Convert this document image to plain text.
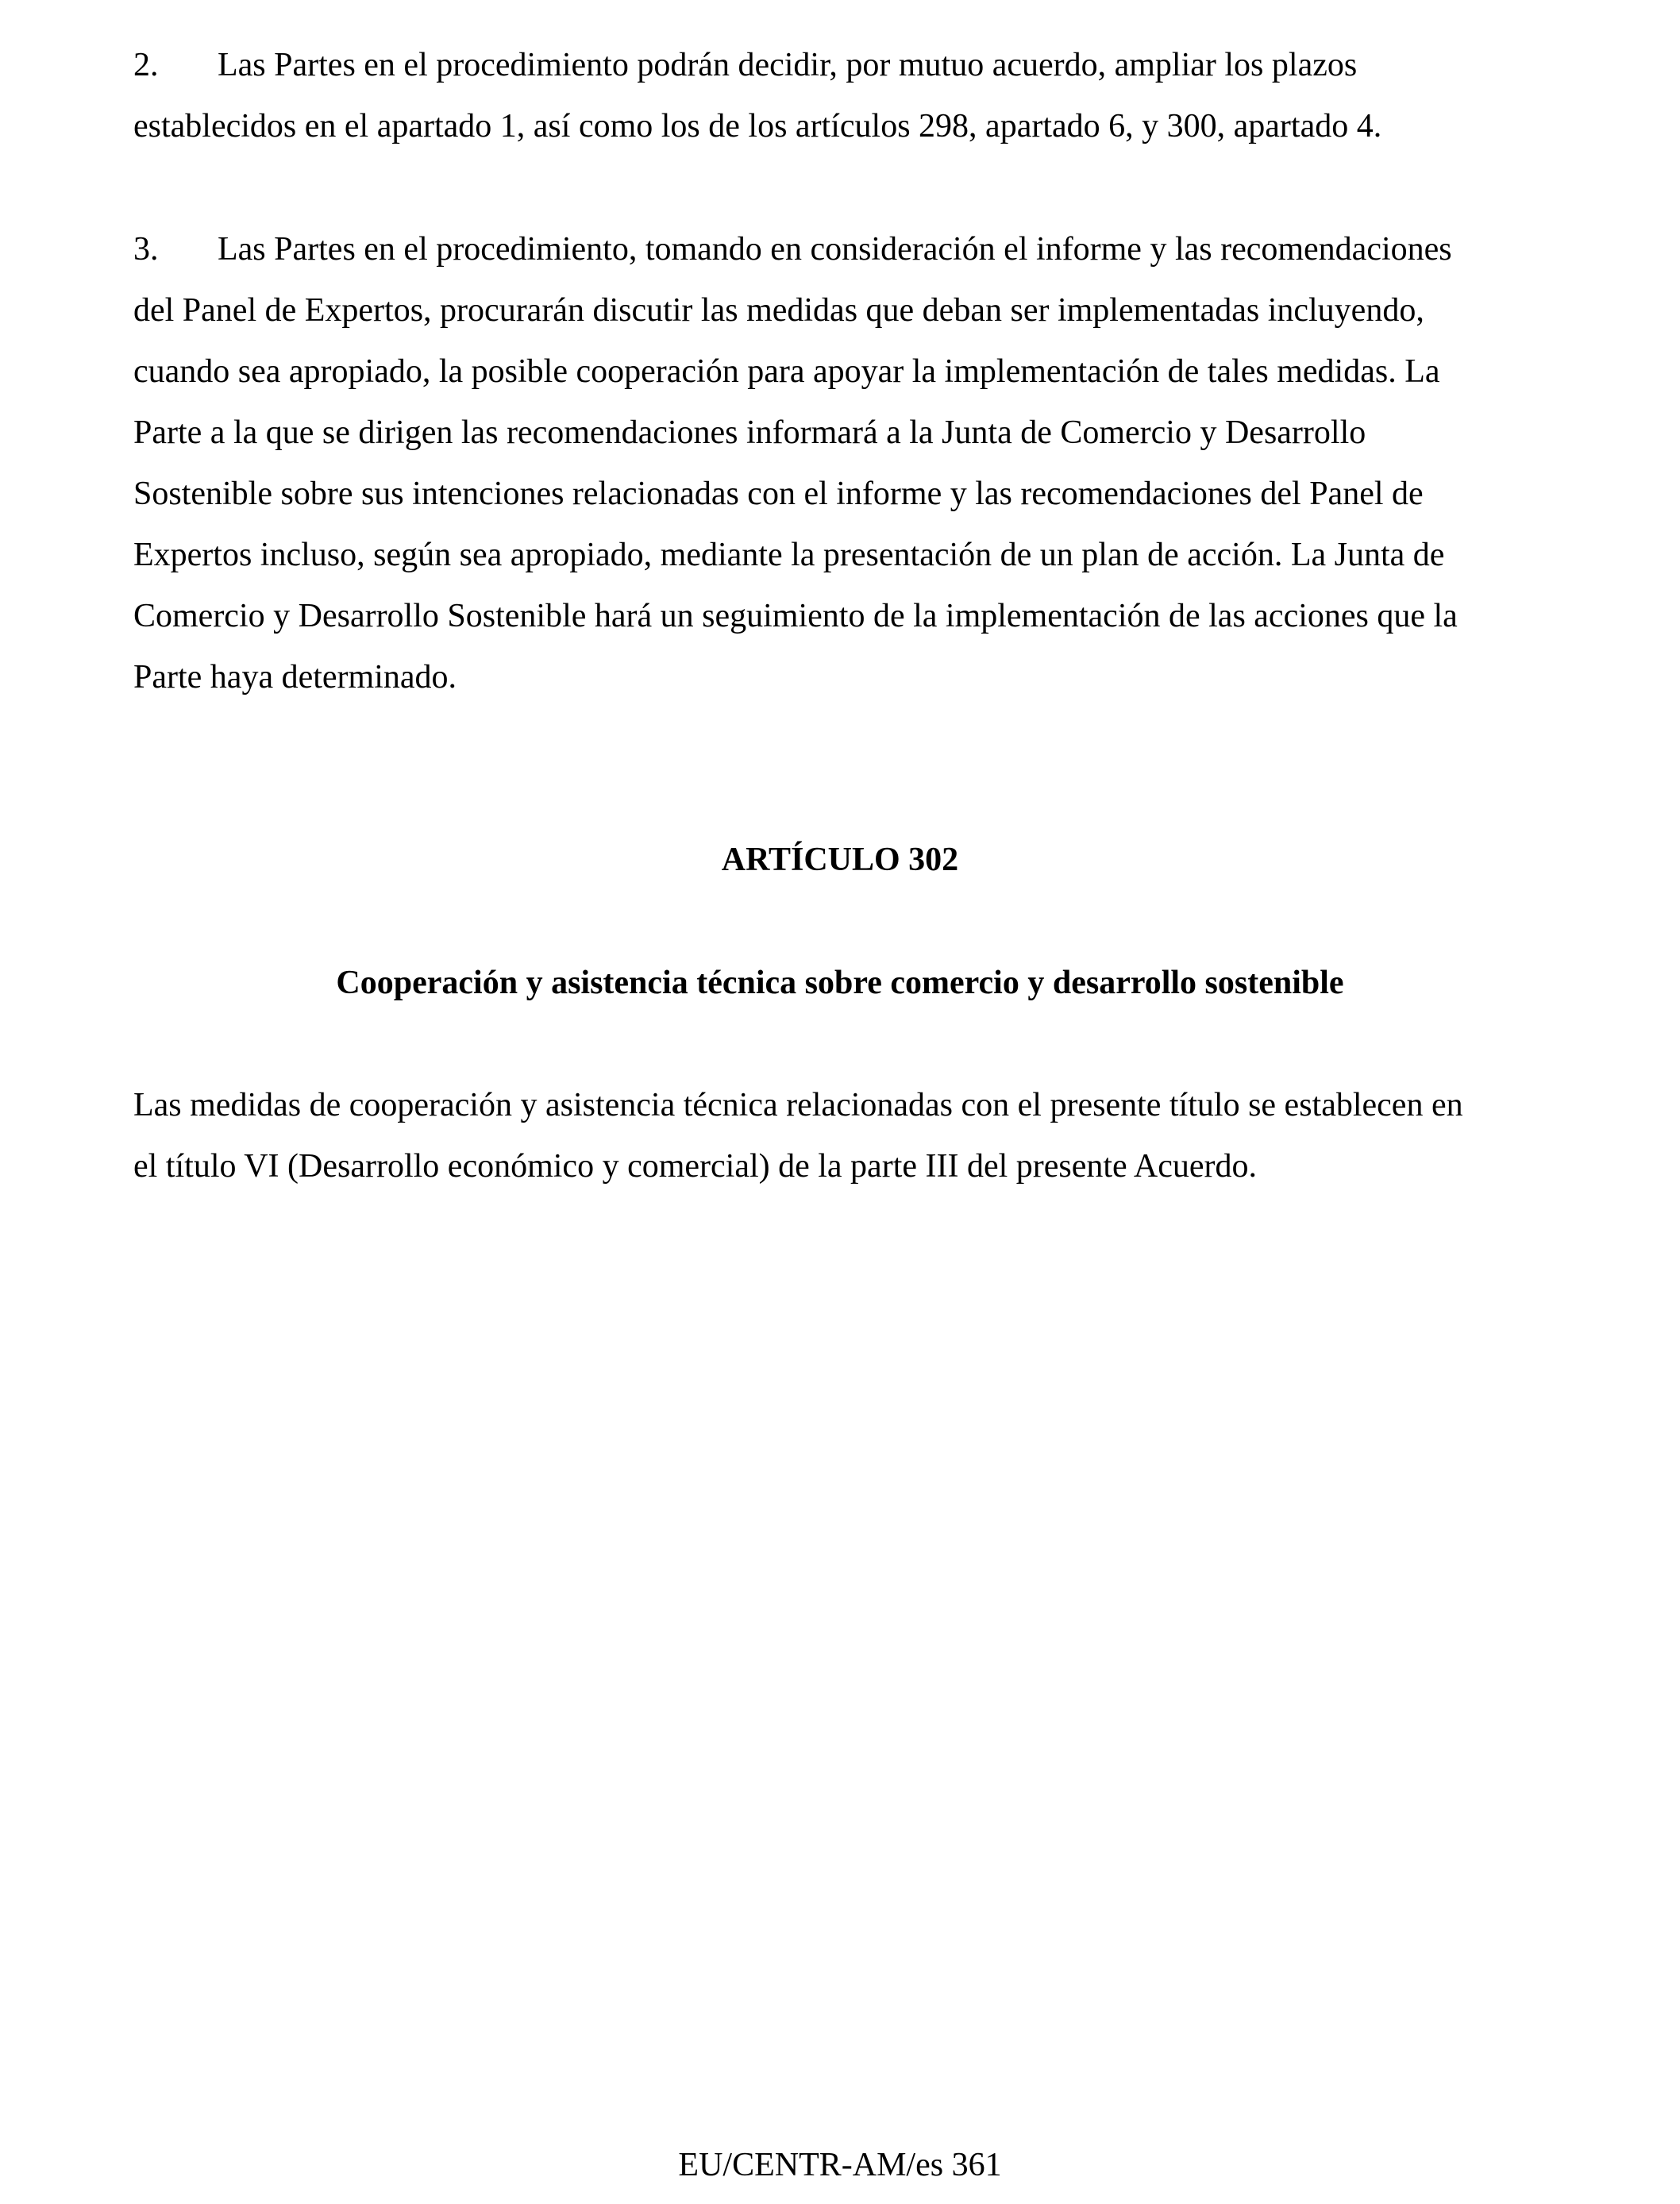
2. Las Partes en el procedimiento podrán decidir, por mutuo acuerdo, ampliar los plazos
establecidos en el apartado 1, así como los de los artículos 298, apartado 6, y 300, apartado 4.
3. Las Partes en el procedimiento, tomando en consideración el informe y las recomendaciones
del Panel de Expertos, procurarán discutir las medidas que deban ser implementadas incluyendo,
cuando sea apropiado, la posible cooperación para apoyar la implementación de tales medidas. La
Parte a la que se dirigen las recomendaciones informará a la Junta de Comercio y Desarrollo
Sostenible sobre sus intenciones relacionadas con el informe y las recomendaciones del Panel de
Expertos incluso, según sea apropiado, mediante la presentación de un plan de acción. La Junta de
Comercio y Desarrollo Sostenible hará un seguimiento de la implementación de las acciones que la
Parte haya determinado.
ARTÍCULO 302
Cooperación y asistencia técnica sobre comercio y desarrollo sostenible
Las medidas de cooperación y asistencia técnica relacionadas con el presente título se establecen en
el título VI (Desarrollo económico y comercial) de la parte III del presente Acuerdo.
EU/CENTR-AM/es 361
